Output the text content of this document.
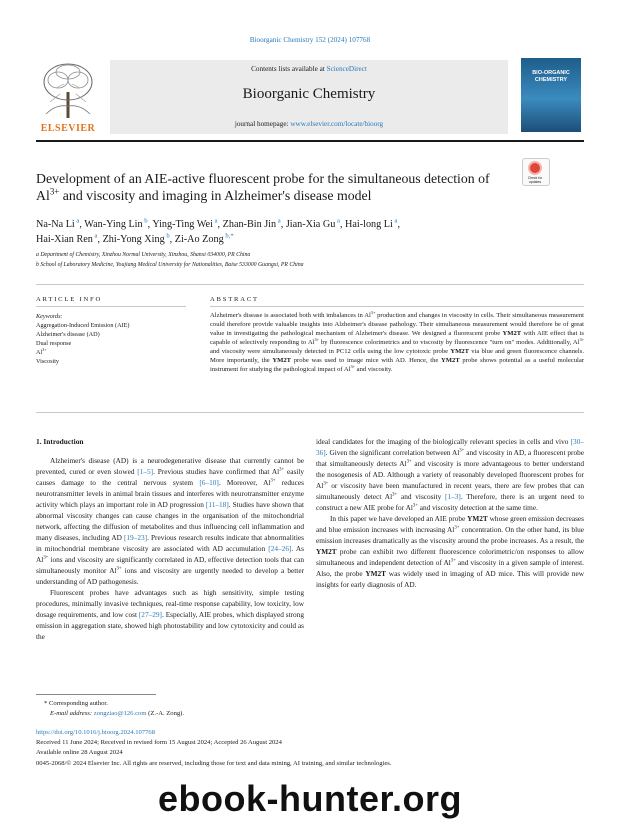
Bioorganic Chemistry 152 (2024) 107768
ELSEVIER
Contents lists available at ScienceDirect
Bioorganic Chemistry
journal homepage: www.elsevier.com/locate/bioorg
BIO-ORGANIC
CHEMISTRY
Development of an AIE-active fluorescent probe for the simultaneous detection of $Al^{3+}$ and viscosity and imaging in Alzheimer's disease model
Check for
updates
Na-Na Li $^a$, Wan-Ying Lin $^b$, Ying-Ting Wei $^a$, Zhan-Bin Jin $^a$, Jian-Xia Gu $^a$, Hai-long Li $^a$,
Hai-Xian Ren $^a$, Zhi-Yong Xing $^b$, Zi-Ao Zong $^{b,*}$
a Department of Chemistry, Xinzhou Normal University, Xinzhou, Shanxi 034000, PR China
b School of Laboratory Medicine, Youjiang Medical University for Nationalities, Baise 533000 Guangxi, PR China
ARTICLE INFO	ABSTRACT
Keywords:
Aggregation-Induced Emission (AIE)
Alzheimer's disease (AD)
Dual response
$Al^{3+}$
Viscosity
Alzheimer's disease is associated both with imbalances in $Al^{3+}$ production and changes in viscosity in cells. Their simultaneous measurement could therefore provide valuable insights into Alzheimer's disease pathology. Their simultaneous measurement would therefore be of great value in investigating the pathological mechanism of Alzheimer's disease. We designed a fluorescent probe YM2T with AIE effect that is capable of selectively responding to $Al^{3+}$ by fluorescence colorimetrics and to viscosity by fluorescence "turn on" modes. Additionally, $Al^{3+}$ and viscosity were simultaneously detected in PC12 cells using the low cytotoxic probe YM2T via blue and green fluorescence channels. More importantly, the YM2T probe was used to image mice with AD. Hence, the YM2T probe shows potential as a useful molecular instrument for studying the pathological impact of $Al^{3+}$ and viscosity.

1. Introduction

Alzheimer's disease (AD) is a neurodegenerative disease that currently cannot be prevented, cured or even slowed [1–5]. Previous studies have confirmed that $Al^{3+}$ easily causes damage to the central nervous system [6–10]. Moreover, $Al^{3+}$ reduces neurotransmitter levels in animal brain tissues and interferes with neurotransmitter enzyme activity which plays an important role in AD progression [11–18]. Studies have shown that abnormal viscosity changes can cause changes in the organisation of the mitochondrial network, affecting the diffusion of metabolites and thus influencing cell inflammation and many diseases, including AD [19–23]. Previous research results indicate that abnormalities in mitochondrial membrane viscosity are associated with AD accumulation [24–26]. As $Al^{3+}$ ions and viscosity are significantly correlated in AD, effective detection tools that can simultaneously monitor $Al^{3+}$ ions and viscosity are urgently needed to develop a better understanding of AD pathogenesis.

Fluorescent probes have advantages such as high sensitivity, simple testing procedures, minimally invasive techniques, real-time response capability, low toxicity, low dosage requirements, and low cost [27–29]. Especially, AIE probes, which displayed strong emission in aggregation state, showed high photostability and low cytotoxicity and could as the

ideal candidates for the imaging of the biologically relevant species in cells and vivo [30–36]. Given the significant correlation between $Al^{3+}$ and viscosity in AD, a fluorescent probe that simultaneously detects $Al^{3+}$ and viscosity is more advantageous to better understand the nosogenesis of AD. Although a variety of reasonably developed fluorescent probes for $Al^{3+}$ or viscosity have been manufactured in recent years, there are few probes that can simultaneously detect $Al^{3+}$ and viscosity [1–3]. Therefore, there is an urgent need to construct a new AIE probe for $Al^{3+}$ and viscosity detection at the same time.

In this paper we have developed an AIE probe YM2T whose green emission decreases and blue emission increases with increasing $Al^{3+}$ concentration. On the other hand, its blue emission increases dramatically as the viscosity around the probe increases. As a result, the YM2T probe can exhibit two different fluorescence colorimetric/on responses to allow simultaneous and independent detection of $Al^{3+}$ and viscosity in a given sample of interest. Also, the probe YM2T was widely used in imaging of AD mice. This will provide new insights for early diagnosis of AD.

* Corresponding author.
E-mail address: zongziao@126.com (Z.-A. Zong).
https://doi.org/10.1016/j.bioorg.2024.107768
Received 11 June 2024; Received in revised form 15 August 2024; Accepted 26 August 2024
Available online 28 August 2024
0045-2068/© 2024 Elsevier Inc. All rights are reserved, including those for text and data mining, AI training, and similar technologies.
ebook-hunter.org
